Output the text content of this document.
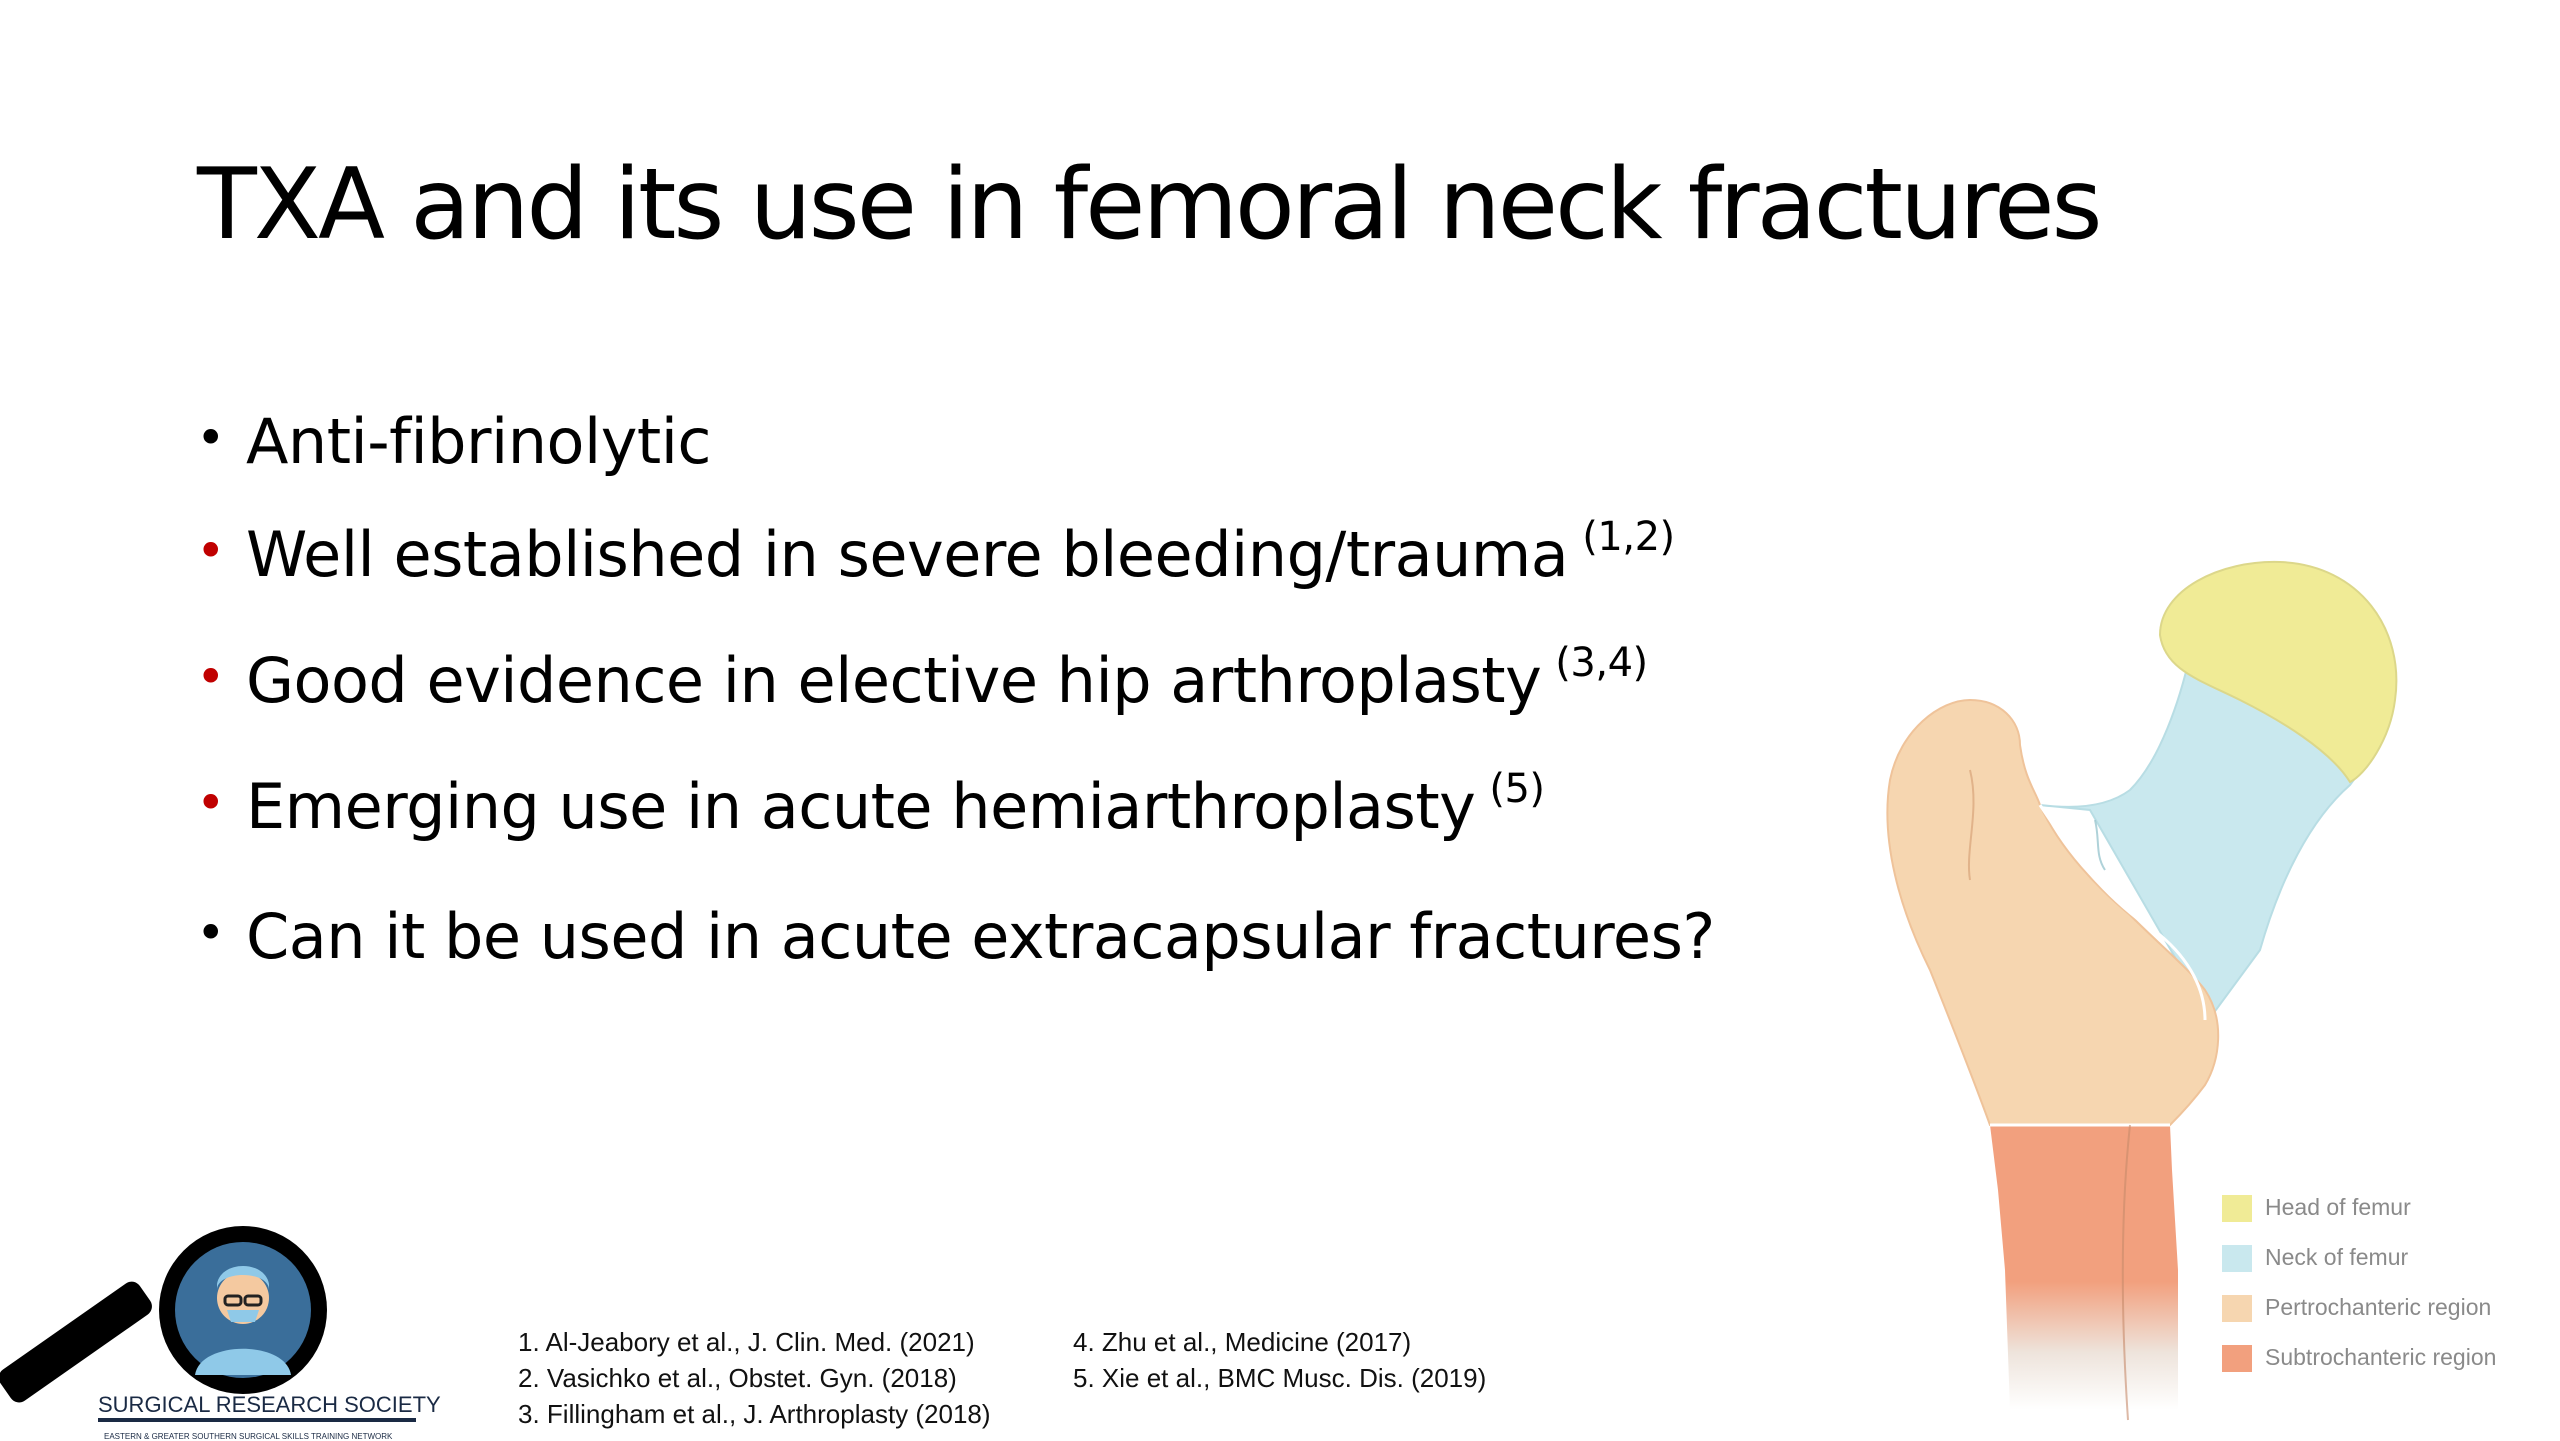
TXA and its use in femoral neck fractures
• Anti-fibrinolytic
• Well established in severe bleeding/trauma $^{(1,2)}$
• Good evidence in elective hip arthroplasty $^{(3,4)}$
• Emerging use in acute hemiarthroplasty $^{(5)}$
• Can it be used in acute extracapsular fractures?
Head of femur
Neck of femur
Pertrochanteric region
Subtrochanteric region
1. Al-Jeabory et al., J. Clin. Med. (2021)
2. Vasichko et al., Obstet. Gyn. (2018)
3. Fillingham et al., J. Arthroplasty (2018)
4. Zhu et al., Medicine (2017)
5. Xie et al., BMC Musc. Dis. (2019)
SURGICAL RESEARCH SOCIETY
EASTERN & GREATER SOUTHERN SURGICAL SKILLS TRAINING NETWORK
